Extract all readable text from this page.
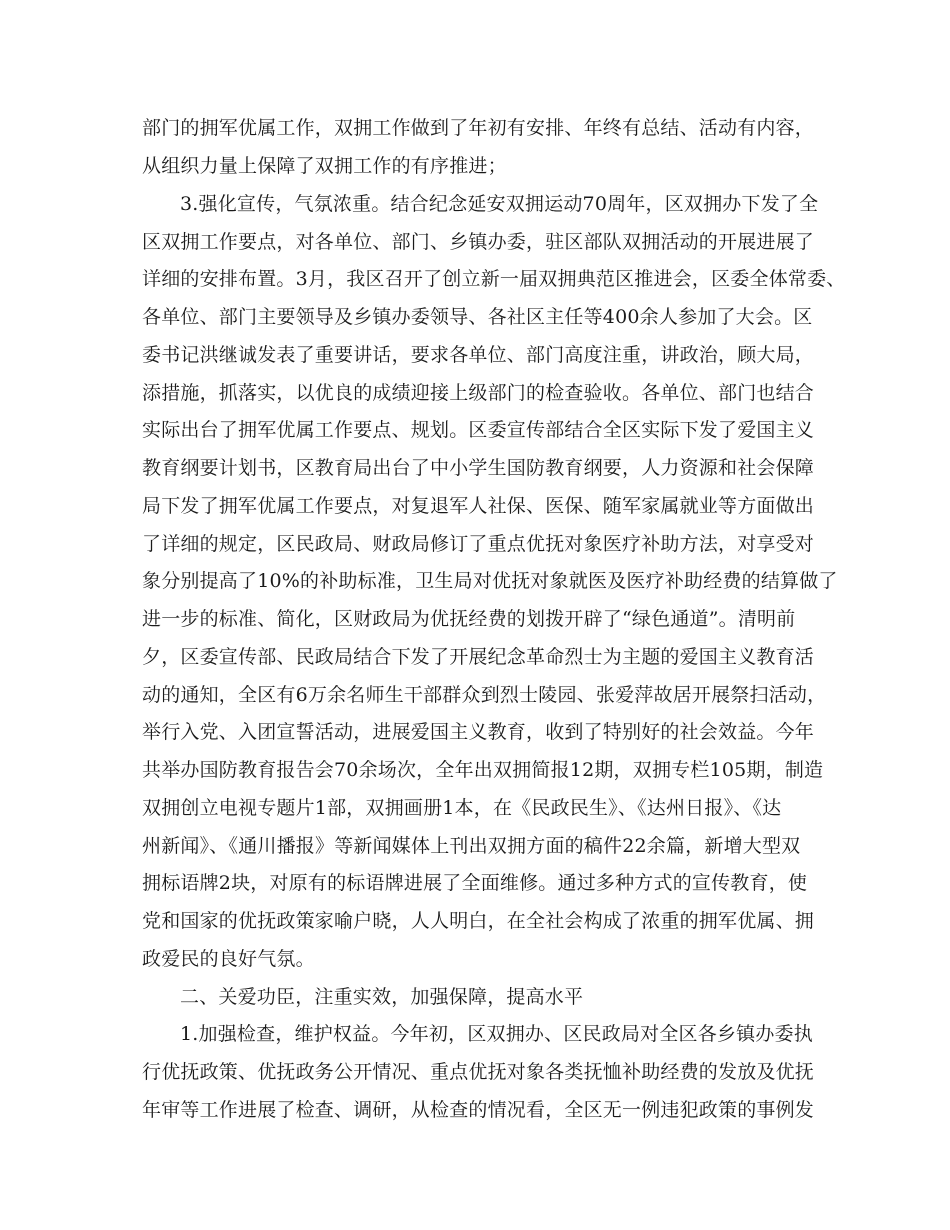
部门的拥军优属工作，双拥工作做到了年初有安排、年终有总结、活动有内容，
从组织力量上保障了双拥工作的有序推进；
3.强化宣传，气氛浓重。结合纪念延安双拥运动70周年，区双拥办下发了全
区双拥工作要点，对各单位、部门、乡镇办委，驻区部队双拥活动的开展进展了
详细的安排布置。3月，我区召开了创立新一届双拥典范区推进会，区委全体常委、
各单位、部门主要领导及乡镇办委领导、各社区主任等400余人参加了大会。区
委书记洪继诚发表了重要讲话，要求各单位、部门高度注重，讲政治，顾大局，
添措施，抓落实，以优良的成绩迎接上级部门的检查验收。各单位、部门也结合
实际出台了拥军优属工作要点、规划。区委宣传部结合全区实际下发了爱国主义
教育纲要计划书，区教育局出台了中小学生国防教育纲要，人力资源和社会保障
局下发了拥军优属工作要点，对复退军人社保、医保、随军家属就业等方面做出
了详细的规定，区民政局、财政局修订了重点优抚对象医疗补助方法，对享受对
象分别提高了10%的补助标准，卫生局对优抚对象就医及医疗补助经费的结算做了
进一步的标准、简化，区财政局为优抚经费的划拨开辟了“绿色通道”。清明前
夕，区委宣传部、民政局结合下发了开展纪念革命烈士为主题的爱国主义教育活
动的通知，全区有6万余名师生干部群众到烈士陵园、张爱萍故居开展祭扫活动，
举行入党、入团宣誓活动，进展爱国主义教育，收到了特别好的社会效益。今年
共举办国防教育报告会70余场次，全年出双拥简报12期，双拥专栏105期，制造
双拥创立电视专题片1部，双拥画册1本，在《民政民生》、《达州日报》、《达
州新闻》、《通川播报》等新闻媒体上刊出双拥方面的稿件22余篇，新增大型双
拥标语牌2块，对原有的标语牌进展了全面维修。通过多种方式的宣传教育，使
党和国家的优抚政策家喻户晓，人人明白，在全社会构成了浓重的拥军优属、拥
政爱民的良好气氛。
二、关爱功臣，注重实效，加强保障，提高水平
1.加强检查，维护权益。今年初，区双拥办、区民政局对全区各乡镇办委执
行优抚政策、优抚政务公开情况、重点优抚对象各类抚恤补助经费的发放及优抚
年审等工作进展了检查、调研，从检查的情况看，全区无一例违犯政策的事例发
